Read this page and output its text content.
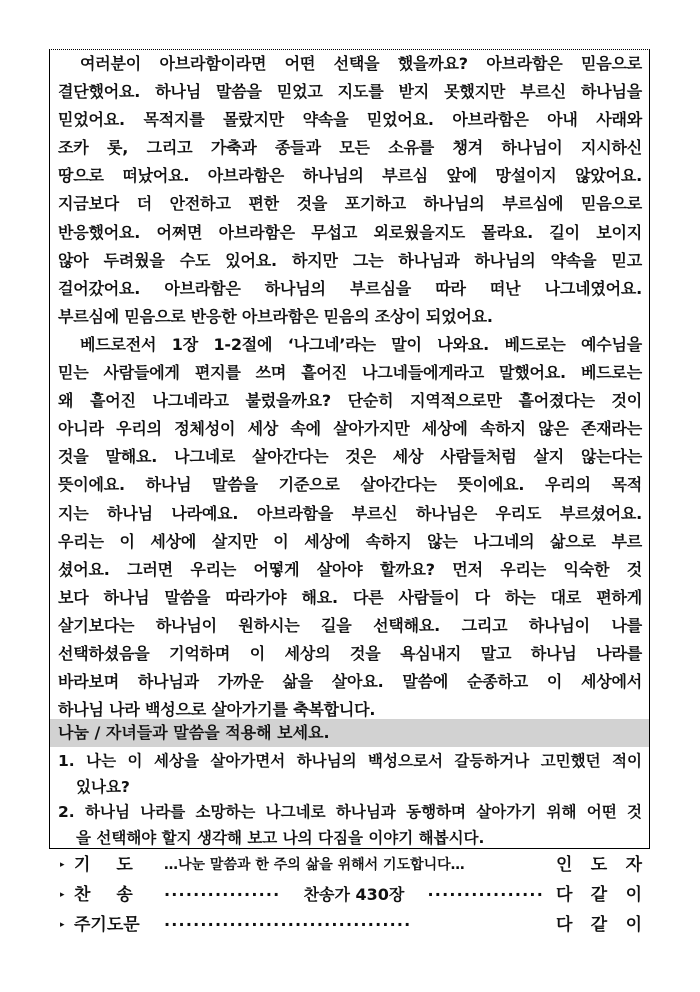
여러분이 아브라함이라면 어떤 선택을 했을까요? 아브라함은 믿음으로
결단했어요. 하나님 말씀을 믿었고 지도를 받지 못했지만 부르신 하나님을
믿었어요. 목적지를 몰랐지만 약속을 믿었어요. 아브라함은 아내 사래와
조카 롯, 그리고 가축과 종들과 모든 소유를 챙겨 하나님이 지시하신
땅으로 떠났어요. 아브라함은 하나님의 부르심 앞에 망설이지 않았어요.
지금보다 더 안전하고 편한 것을 포기하고 하나님의 부르심에 믿음으로
반응했어요. 어쩌면 아브라함은 무섭고 외로웠을지도 몰라요. 길이 보이지
않아 두려웠을 수도 있어요. 하지만 그는 하나님과 하나님의 약속을 믿고
걸어갔어요. 아브라함은 하나님의 부르심을 따라 떠난 나그네였어요.
부르심에 믿음으로 반응한 아브라함은 믿음의 조상이 되었어요.
베드로전서 1장 1-2절에 ‘나그네’라는 말이 나와요. 베드로는 예수님을
믿는 사람들에게 편지를 쓰며 흩어진 나그네들에게라고 말했어요. 베드로는
왜 흩어진 나그네라고 불렀을까요? 단순히 지역적으로만 흩어졌다는 것이
아니라 우리의 정체성이 세상 속에 살아가지만 세상에 속하지 않은 존재라는
것을 말해요. 나그네로 살아간다는 것은 세상 사람들처럼 살지 않는다는
뜻이에요. 하나님 말씀을 기준으로 살아간다는 뜻이에요. 우리의 목적
지는 하나님 나라예요. 아브라함을 부르신 하나님은 우리도 부르셨어요.
우리는 이 세상에 살지만 이 세상에 속하지 않는 나그네의 삶으로 부르
셨어요. 그러면 우리는 어떻게 살아야 할까요? 먼저 우리는 익숙한 것
보다 하나님 말씀을 따라가야 해요. 다른 사람들이 다 하는 대로 편하게
살기보다는 하나님이 원하시는 길을 선택해요. 그리고 하나님이 나를
선택하셨음을 기억하며 이 세상의 것을 욕심내지 말고 하나님 나라를
바라보며 하나님과 가까운 삶을 살아요. 말씀에 순종하고 이 세상에서
하나님 나라 백성으로 살아가기를 축복합니다.
나눔 / 자녀들과 말씀을 적용해 보세요.
1. 나는 이 세상을 살아가면서 하나님의 백성으로서 갈등하거나 고민했던 적이
있나요?
2. 하나님 나라를 소망하는 나그네로 하나님과 동행하며 살아가기 위해 어떤 것
을 선택해야 할지 생각해 보고 나의 다짐을 이야기 해봅시다.
▸ 기 도 …나눈 말씀과 한 주의 삶을 위해서 기도합니다…	인 도 자
▸ 찬 송 ················ 찬송가 430장 ················ 다 같 이
▸ 주기도문 ··································	다 같 이
